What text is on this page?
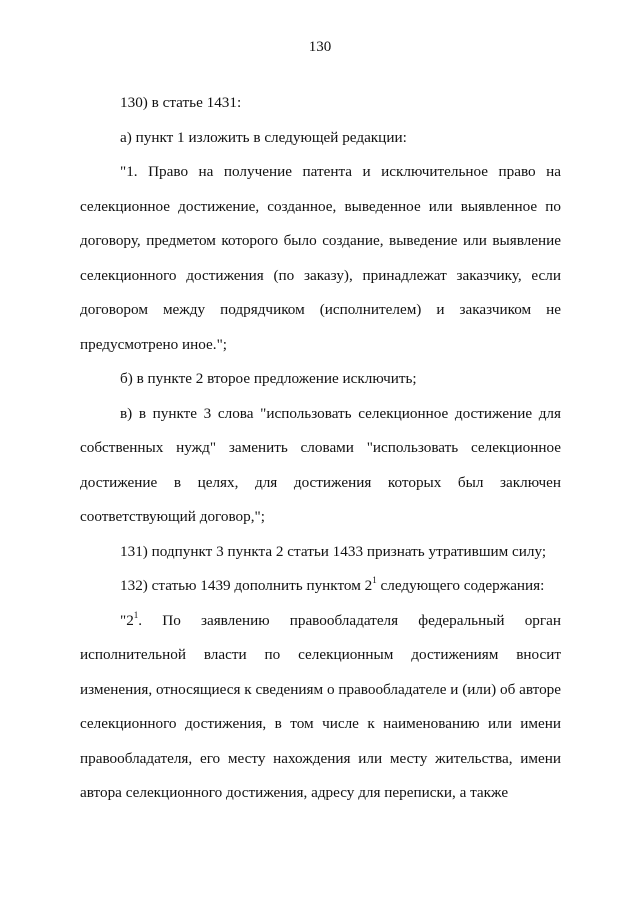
130

130) в статье 1431:

а) пункт 1 изложить в следующей редакции:

"1. Право на получение патента и исключительное право на селекционное достижение, созданное, выведенное или выявленное по договору, предметом которого было создание, выведение или выявление селекционного достижения (по заказу), принадлежат заказчику, если договором между подрядчиком (исполнителем) и заказчиком не предусмотрено иное.";

б) в пункте 2 второе предложение исключить;

в) в пункте 3 слова "использовать селекционное достижение для собственных нужд" заменить словами "использовать селекционное достижение в целях, для достижения которых был заключен соответствующий договор,";

131) подпункт 3 пункта 2 статьи 1433 признать утратившим силу;

132) статью 1439 дополнить пунктом $2^1$ следующего содержания:

"$2^1$. По заявлению правообладателя федеральный орган исполнительной власти по селекционным достижениям вносит изменения, относящиеся к сведениям о правообладателе и (или) об авторе селекционного достижения, в том числе к наименованию или имени правообладателя, его месту нахождения или месту жительства, имени автора селекционного достижения, адресу для переписки, а также
